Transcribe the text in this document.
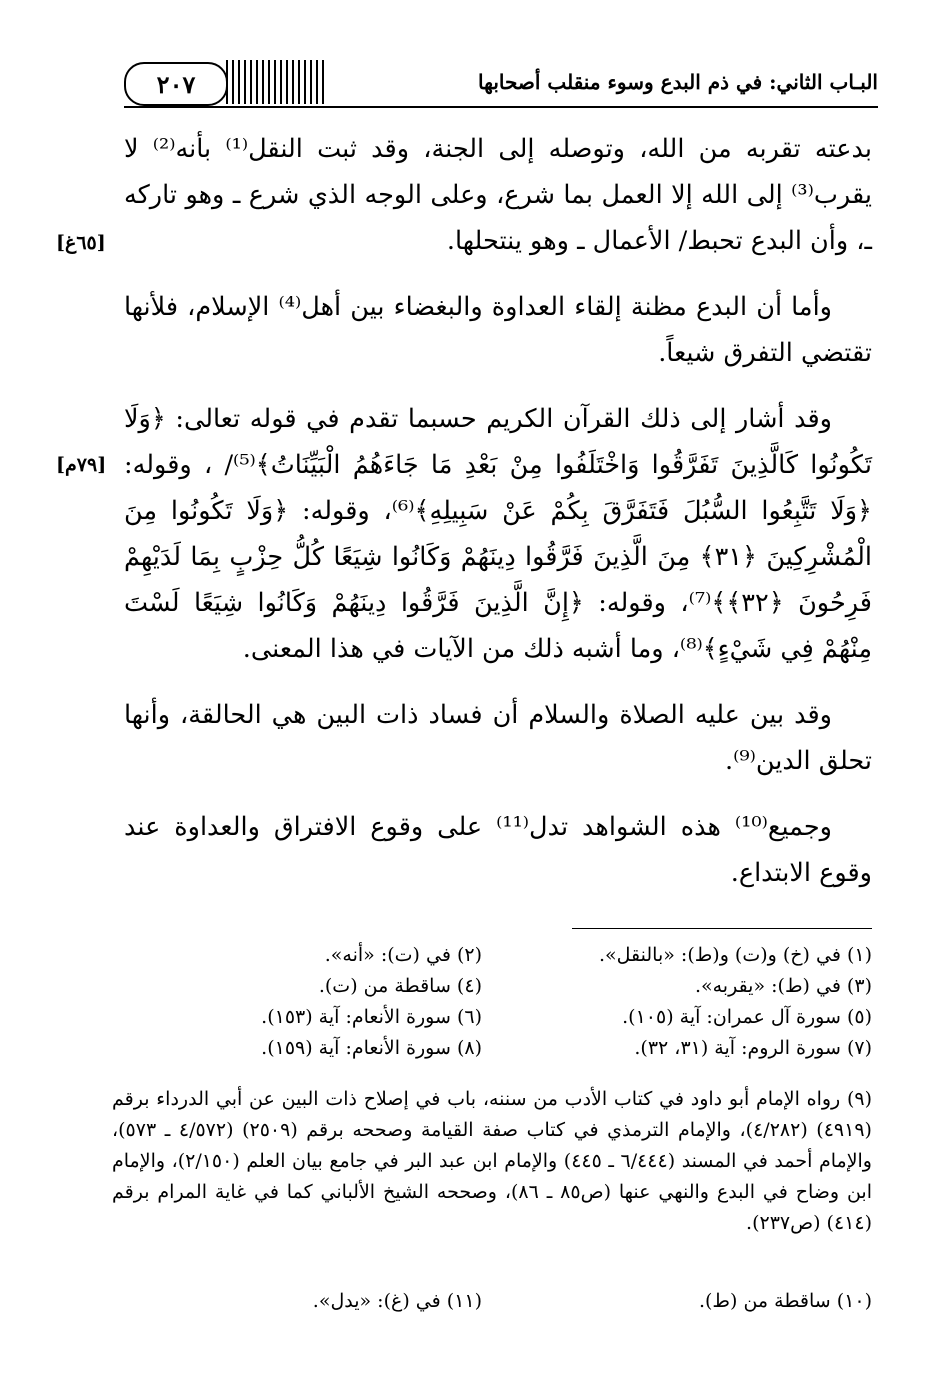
البـاب الثاني: في ذم البدع وسوء منقلب أصحابها
٢٠٧

بدعته تقربه من الله، وتوصله إلى الجنة، وقد ثبت النقل⁽¹⁾ بأنه⁽²⁾ لا يقرب⁽³⁾ إلى الله إلا العمل بما شرع، وعلى الوجه الذي شرع ـ وهو تاركه ـ، وأن البدع تحبط/ الأعمال ـ وهو ينتحلها.

وأما أن البدع مظنة إلقاء العداوة والبغضاء بين أهل⁽⁴⁾ الإسلام، فلأنها تقتضي التفرق شيعاً.

وقد أشار إلى ذلك القرآن الكريم حسبما تقدم في قوله تعالى: ﴿وَلَا تَكُونُوا كَالَّذِينَ تَفَرَّقُوا وَاخْتَلَفُوا مِنْ بَعْدِ مَا جَاءَهُمُ الْبَيِّنَاتُ﴾⁽⁵⁾/ ، وقوله: ﴿وَلَا تَتَّبِعُوا السُّبُلَ فَتَفَرَّقَ بِكُمْ عَنْ سَبِيلِهِ﴾⁽⁶⁾، وقوله: ﴿وَلَا تَكُونُوا مِنَ الْمُشْرِكِينَ ﴿٣١﴾ مِنَ الَّذِينَ فَرَّقُوا دِينَهُمْ وَكَانُوا شِيَعًا كُلُّ حِزْبٍ بِمَا لَدَيْهِمْ فَرِحُونَ ﴿٣٢﴾﴾⁽⁷⁾، وقوله: ﴿إِنَّ الَّذِينَ فَرَّقُوا دِينَهُمْ وَكَانُوا شِيَعًا لَسْتَ مِنْهُمْ فِي شَيْءٍ﴾⁽⁸⁾، وما أشبه ذلك من الآيات في هذا المعنى.

وقد بين عليه الصلاة والسلام أن فساد ذات البين هي الحالقة، وأنها تحلق الدين⁽⁹⁾.

وجميع⁽¹⁰⁾ هذه الشواهد تدل⁽¹¹⁾ على وقوع الافتراق والعداوة عند وقوع الابتداع.

[٦٥غ]
[٧٩م]
(١) في (خ) و(ت) و(ط): «بالنقل».
(٢) في (ت): «أنه».
(٣) في (ط): «يقربه».
(٤) ساقطة من (ت).
(٥) سورة آل عمران: آية (١٠٥).
(٦) سورة الأنعام: آية (١٥٣).
(٧) سورة الروم: آية (٣١، ٣٢).
(٨) سورة الأنعام: آية (١٥٩).
(٩) رواه الإمام أبو داود في كتاب الأدب من سننه، باب في إصلاح ذات البين عن أبي الدرداء برقم (٤٩١٩) (٤/٢٨٢)، والإمام الترمذي في كتاب صفة القيامة وصححه برقم (٢٥٠٩) (٤/٥٧٢ ـ ٥٧٣)، والإمام أحمد في المسند (٦/٤٤٤ ـ ٤٤٥) والإمام ابن عبد البر في جامع بيان العلم (٢/١٥٠)، والإمام ابن وضاح في البدع والنهي عنها (ص٨٥ ـ ٨٦)، وصححه الشيخ الألباني كما في غاية المرام برقم (٤١٤) (ص٢٣٧).
(١٠) ساقطة من (ط).
(١١) في (غ): «يدل».
